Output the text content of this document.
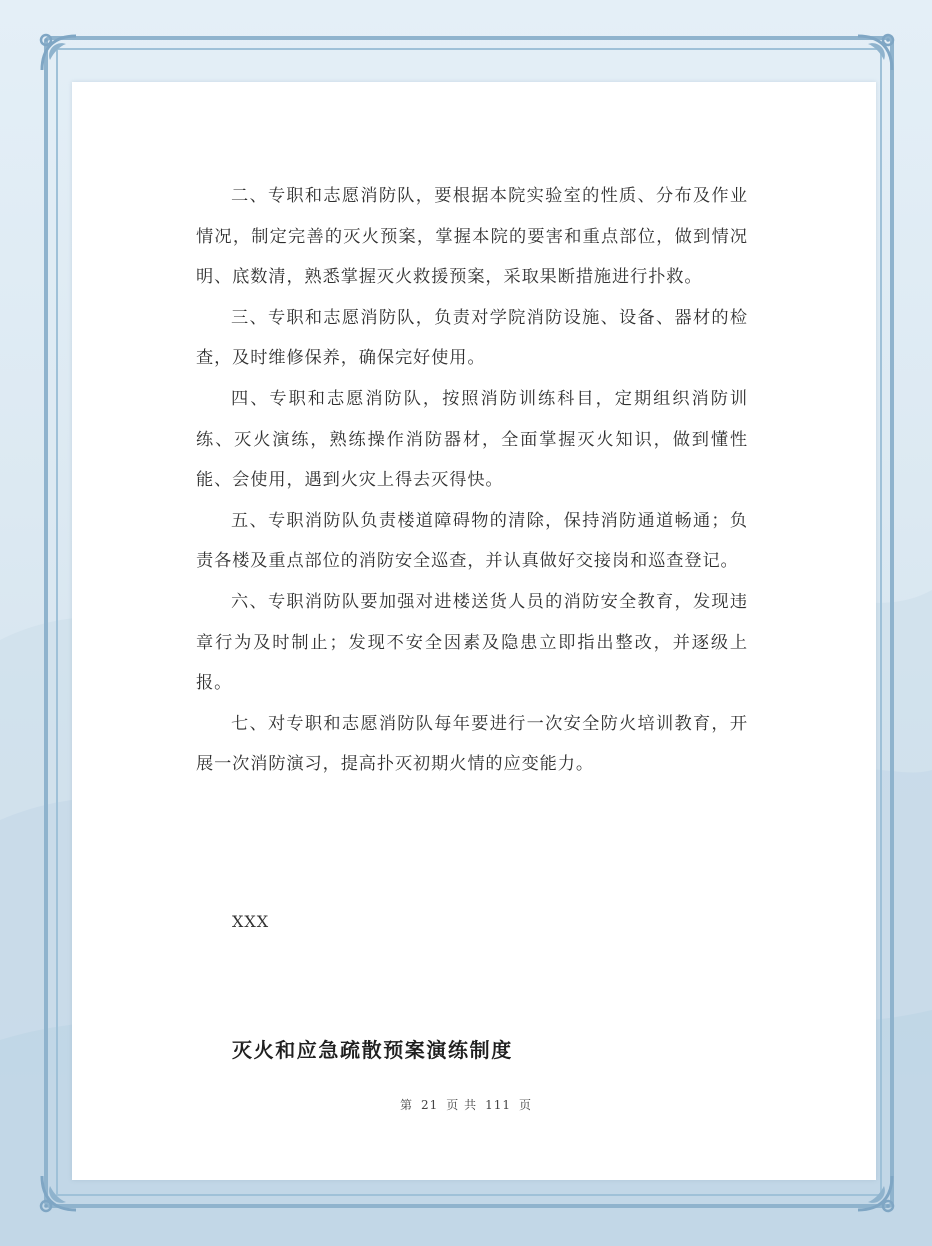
二、专职和志愿消防队，要根据本院实验室的性质、分布及作业情况，制定完善的灭火预案，掌握本院的要害和重点部位，做到情况明、底数清，熟悉掌握灭火救援预案，采取果断措施进行扑救。

三、专职和志愿消防队，负责对学院消防设施、设备、器材的检查，及时维修保养，确保完好使用。

四、专职和志愿消防队，按照消防训练科目，定期组织消防训练、灭火演练，熟练操作消防器材，全面掌握灭火知识，做到懂性能、会使用，遇到火灾上得去灭得快。

五、专职消防队负责楼道障碍物的清除，保持消防通道畅通；负责各楼及重点部位的消防安全巡查，并认真做好交接岗和巡查登记。

六、专职消防队要加强对进楼送货人员的消防安全教育，发现违章行为及时制止；发现不安全因素及隐患立即指出整改，并逐级上报。

七、对专职和志愿消防队每年要进行一次安全防火培训教育，开展一次消防演习，提高扑灭初期火情的应变能力。

XXX
灭火和应急疏散预案演练制度
第 21 页 共 111 页
